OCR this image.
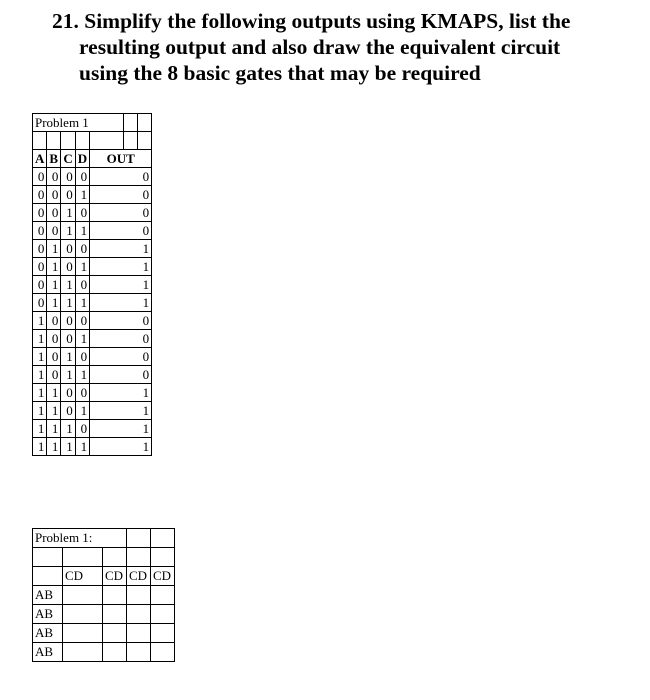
21. Simplify the following outputs using KMAPS, list the
resulting output and also draw the equivalent circuit
using the 8 basic gates that may be required
Problem 1						

A	B	C	D	OUT	
0	0	0	0	0		
0	0	0	1	0		
0	0	1	0	0		
0	0	1	1	0		
0	1	0	0	1		
0	1	0	1	1		
0	1	1	0	1		
0	1	1	1	1		
1	0	0	0	0		
1	0	0	1	0		
1	0	1	0	0		
1	0	1	1	0		
1	1	0	0	1		
1	1	0	1	1		
1	1	1	0	1		
1	1	1	1	1		
Problem 1:				

	CD	CD	CD	CD
AB				
AB				
AB				
AB				
